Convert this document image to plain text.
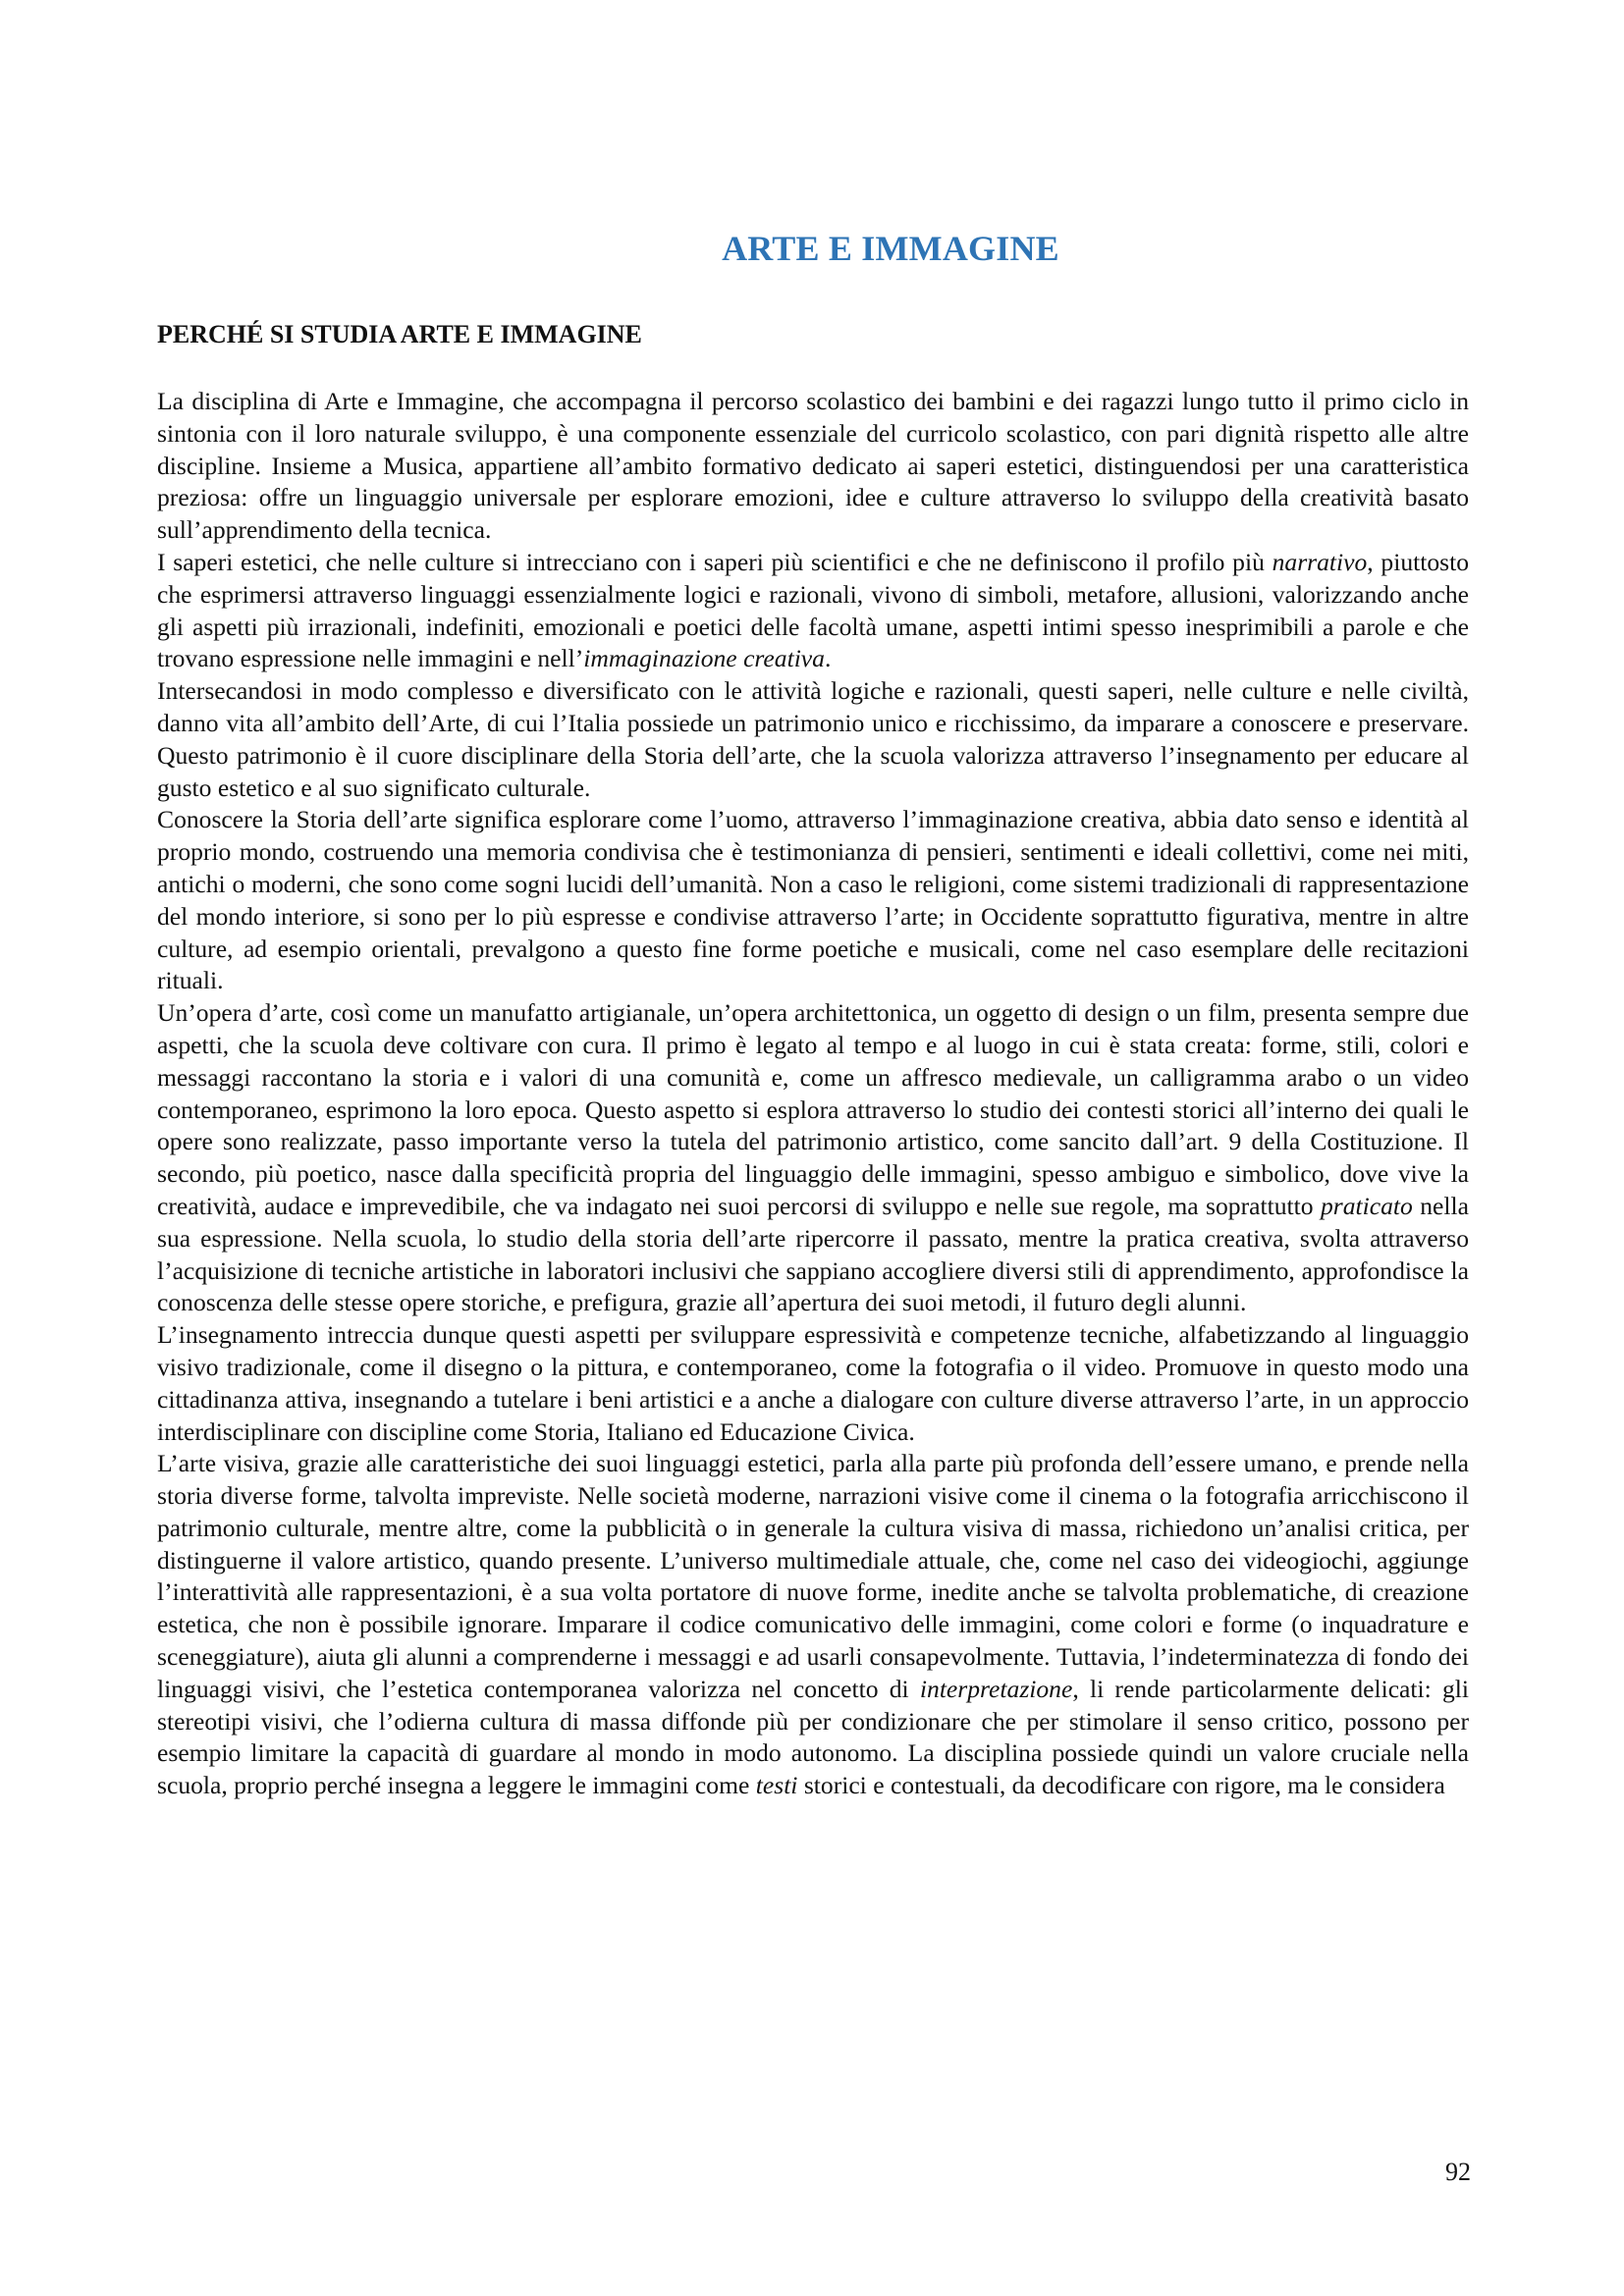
ARTE E IMMAGINE
PERCHÉ SI STUDIA ARTE E IMMAGINE

La disciplina di Arte e Immagine, che accompagna il percorso scolastico dei bambini e dei ragazzi lungo tutto il primo ciclo in sintonia con il loro naturale sviluppo, è una componente essenziale del curricolo scolastico, con pari dignità rispetto alle altre discipline. Insieme a Musica, appartiene all’ambito formativo dedicato ai saperi estetici, distinguendosi per una caratteristica preziosa: offre un linguaggio universale per esplorare emozioni, idee e culture attraverso lo sviluppo della creatività basato sull’apprendimento della tecnica.

I saperi estetici, che nelle culture si intrecciano con i saperi più scientifici e che ne definiscono il profilo più narrativo, piuttosto che esprimersi attraverso linguaggi essenzialmente logici e razionali, vivono di simboli, metafore, allusioni, valorizzando anche gli aspetti più irrazionali, indefiniti, emozionali e poetici delle facoltà umane, aspetti intimi spesso inesprimibili a parole e che trovano espressione nelle immagini e nell’immaginazione creativa.

Intersecandosi in modo complesso e diversificato con le attività logiche e razionali, questi saperi, nelle culture e nelle civiltà, danno vita all’ambito dell’Arte, di cui l’Italia possiede un patrimonio unico e ricchissimo, da imparare a conoscere e preservare. Questo patrimonio è il cuore disciplinare della Storia dell’arte, che la scuola valorizza attraverso l’insegnamento per educare al gusto estetico e al suo significato culturale.

Conoscere la Storia dell’arte significa esplorare come l’uomo, attraverso l’immaginazione creativa, abbia dato senso e identità al proprio mondo, costruendo una memoria condivisa che è testimonianza di pensieri, sentimenti e ideali collettivi, come nei miti, antichi o moderni, che sono come sogni lucidi dell’umanità. Non a caso le religioni, come sistemi tradizionali di rappresentazione del mondo interiore, si sono per lo più espresse e condivise attraverso l’arte; in Occidente soprattutto figurativa, mentre in altre culture, ad esempio orientali, prevalgono a questo fine forme poetiche e musicali, come nel caso esemplare delle recitazioni rituali.

Un’opera d’arte, così come un manufatto artigianale, un’opera architettonica, un oggetto di design o un film, presenta sempre due aspetti, che la scuola deve coltivare con cura. Il primo è legato al tempo e al luogo in cui è stata creata: forme, stili, colori e messaggi raccontano la storia e i valori di una comunità e, come un affresco medievale, un calligramma arabo o un video contemporaneo, esprimono la loro epoca. Questo aspetto si esplora attraverso lo studio dei contesti storici all’interno dei quali le opere sono realizzate, passo importante verso la tutela del patrimonio artistico, come sancito dall’art. 9 della Costituzione. Il secondo, più poetico, nasce dalla specificità propria del linguaggio delle immagini, spesso ambiguo e simbolico, dove vive la creatività, audace e imprevedibile, che va indagato nei suoi percorsi di sviluppo e nelle sue regole, ma soprattutto praticato nella sua espressione. Nella scuola, lo studio della storia dell’arte ripercorre il passato, mentre la pratica creativa, svolta attraverso l’acquisizione di tecniche artistiche in laboratori inclusivi che sappiano accogliere diversi stili di apprendimento, approfondisce la conoscenza delle stesse opere storiche, e prefigura, grazie all’apertura dei suoi metodi, il futuro degli alunni.

L’insegnamento intreccia dunque questi aspetti per sviluppare espressività e competenze tecniche, alfabetizzando al linguaggio visivo tradizionale, come il disegno o la pittura, e contemporaneo, come la fotografia o il video. Promuove in questo modo una cittadinanza attiva, insegnando a tutelare i beni artistici e a anche a dialogare con culture diverse attraverso l’arte, in un approccio interdisciplinare con discipline come Storia, Italiano ed Educazione Civica.

L’arte visiva, grazie alle caratteristiche dei suoi linguaggi estetici, parla alla parte più profonda dell’essere umano, e prende nella storia diverse forme, talvolta impreviste. Nelle società moderne, narrazioni visive come il cinema o la fotografia arricchiscono il patrimonio culturale, mentre altre, come la pubblicità o in generale la cultura visiva di massa, richiedono un’analisi critica, per distinguerne il valore artistico, quando presente. L’universo multimediale attuale, che, come nel caso dei videogiochi, aggiunge l’interattività alle rappresentazioni, è a sua volta portatore di nuove forme, inedite anche se talvolta problematiche, di creazione estetica, che non è possibile ignorare. Imparare il codice comunicativo delle immagini, come colori e forme (o inquadrature e sceneggiature), aiuta gli alunni a comprenderne i messaggi e ad usarli consapevolmente. Tuttavia, l’indeterminatezza di fondo dei linguaggi visivi, che l’estetica contemporanea valorizza nel concetto di interpretazione, li rende particolarmente delicati: gli stereotipi visivi, che l’odierna cultura di massa diffonde più per condizionare che per stimolare il senso critico, possono per esempio limitare la capacità di guardare al mondo in modo autonomo. La disciplina possiede quindi un valore cruciale nella scuola, proprio perché insegna a leggere le immagini come testi storici e contestuali, da decodificare con rigore, ma le considera

92
